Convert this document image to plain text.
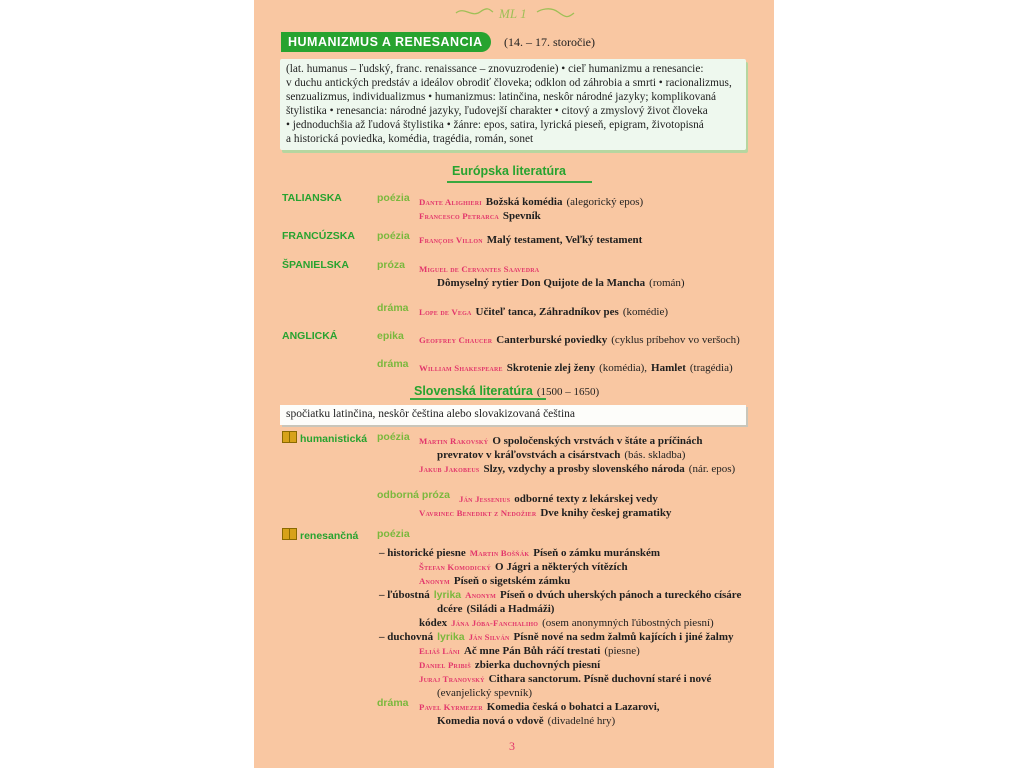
ML 1
HUMANIZMUS A RENESANCIA	(14. – 17. storočie)
(lat. humanus – ľudský, franc. renaissance – znovuzrodenie) • cieľ humanizmu a renesancie:
v duchu antických predstáv a ideálov obrodiť človeka; odklon od záhrobia a smrti • racionalizmus,
senzualizmus, individualizmus • humanizmus: latinčina, neskôr národné jazyky; komplikovaná
štylistika • renesancia: národné jazyky, ľudovejší charakter • citový a zmyslový život človeka
• jednoduchšia až ľudová štylistika • žánre: epos, satira, lyrická pieseň, epigram, životopisná
a historická poviedka, komédia, tragédia, román, sonet
Európska literatúra
TALIANSKA	poézia Dante Alighieri Božská komédia (alegorický epos)
Francesco Petrarca Spevník
FRANCÚZSKA poézia François Villon Malý testament, Veľký testament
ŠPANIELSKA	próza Miguel de Cervantes Saavedra
Dômyselný rytier Don Quijote de la Mancha (román)
dráma Lope de Vega Učiteľ tanca, Záhradníkov pes (komédie)
ANGLICKÁ	epika Geoffrey Chaucer Canterburské poviedky (cyklus príbehov vo veršoch)
dráma William Shakespeare Skrotenie zlej ženy (komédia), Hamlet (tragédia)
Slovenská literatúra (1500 – 1650)
spočiatku latinčina, neskôr čeština alebo slovakizovaná čeština
humanistická poézia Martin Rakovský O spoločenských vrstvách v štáte a príčinách
prevratov v kráľovstvách a cisárstvach (bás. skladba)
Jakub Jakobeus Slzy, vzdychy a prosby slovenského národa (nár. epos)
odborná próza Ján Jessenius odborné texty z lekárskej vedy
Vavrinec Benedikt z Nedožier Dve knihy českej gramatiky
renesančná poézia
– historické piesne Martin Bošňák Píseň o zámku muránském
Štefan Komodický O Jágri a některých vítězích
Anonym Píseň o sigetském zámku
– ľúbostná lyrika Anonym Píseň o dvúch uherských pánoch a tureckého císáre
dcére (Siládi a Hadmáži)
kódex Jána Jóba-Fanchaliho (osem anonymných ľúbostných piesní)
– duchovná lyrika Ján Silván Písně nové na sedm žalmů kajících i jiné žalmy
Eliáš Láni Ač mne Pán Bůh ráčí trestati (piesne)
Daniel Pribiš zbierka duchovných piesní
Juraj Tranovský Cithara sanctorum. Písně duchovní staré i nové
(evanjelický spevník)
dráma Pavel Kyrmezer Komedia česká o bohatci a Lazarovi,
Komedia nová o vdově (divadelné hry)
3
